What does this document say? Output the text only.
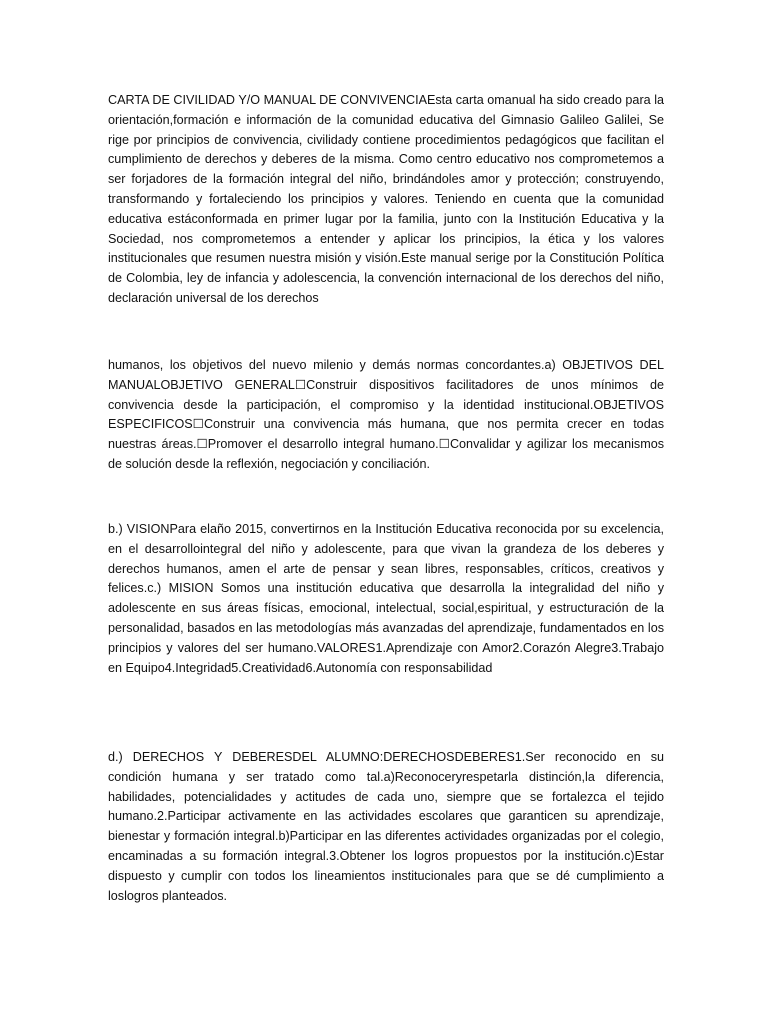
CARTA DE CIVILIDAD Y/O MANUAL DE CONVIVENCIAEsta carta omanual ha sido creado para la orientación,formación e información de la comunidad educativa del Gimnasio Galileo Galilei, Se rige por principios de convivencia, civilidady contiene procedimientos pedagógicos que facilitan el cumplimiento de derechos y deberes de la misma. Como centro educativo nos comprometemos a ser forjadores de la formación integral del niño, brindándoles amor y protección; construyendo, transformando y fortaleciendo los principios y valores. Teniendo en cuenta que la comunidad educativa estáconformada en primer lugar por la familia, junto con la Institución Educativa y la Sociedad, nos comprometemos a entender y aplicar los principios, la ética y los valores institucionales que resumen nuestra misión y visión.Este manual serige por la Constitución Política de Colombia, ley de infancia y adolescencia, la convención internacional de los derechos del niño, declaración universal de los derechos

humanos, los objetivos del nuevo milenio y demás normas concordantes.a) OBJETIVOS DEL MANUALOBJETIVO GENERAL☐Construir dispositivos facilitadores de unos mínimos de convivencia desde la participación, el compromiso y la identidad institucional.OBJETIVOS ESPECIFICOS☐Construir una convivencia más humana, que nos permita crecer en todas nuestras áreas.☐Promover el desarrollo integral humano.☐Convalidar y agilizar los mecanismos de solución desde la reflexión, negociación y conciliación.

b.) VISIONPara elaño 2015, convertirnos en la Institución Educativa reconocida por su excelencia, en el desarrollointegral del niño y adolescente, para que vivan la grandeza de los deberes y derechos humanos, amen el arte de pensar y sean libres, responsables, críticos, creativos y felices.c.) MISION Somos una institución educativa que desarrolla la integralidad del niño y adolescente en sus áreas físicas, emocional, intelectual, social,espiritual, y estructuración de la personalidad, basados en las metodologías más avanzadas del aprendizaje, fundamentados en los principios y valores del ser humano.VALORES1.Aprendizaje con Amor2.Corazón Alegre3.Trabajo en Equipo4.Integridad5.Creatividad6.Autonomía con responsabilidad

d.) DERECHOS Y DEBERESDEL ALUMNO:DERECHOSDEBERES1.Ser reconocido en su condición humana y ser tratado como tal.a)Reconoceryrespetarla distinción,la diferencia, habilidades, potencialidades y actitudes de cada uno, siempre que se fortalezca el tejido humano.2.Participar activamente en las actividades escolares que garanticen su aprendizaje, bienestar y formación integral.b)Participar en las diferentes actividades organizadas por el colegio, encaminadas a su formación integral.3.Obtener los logros propuestos por la institución.c)Estar dispuesto y cumplir con todos los lineamientos institucionales para que se dé cumplimiento a loslogros planteados.
